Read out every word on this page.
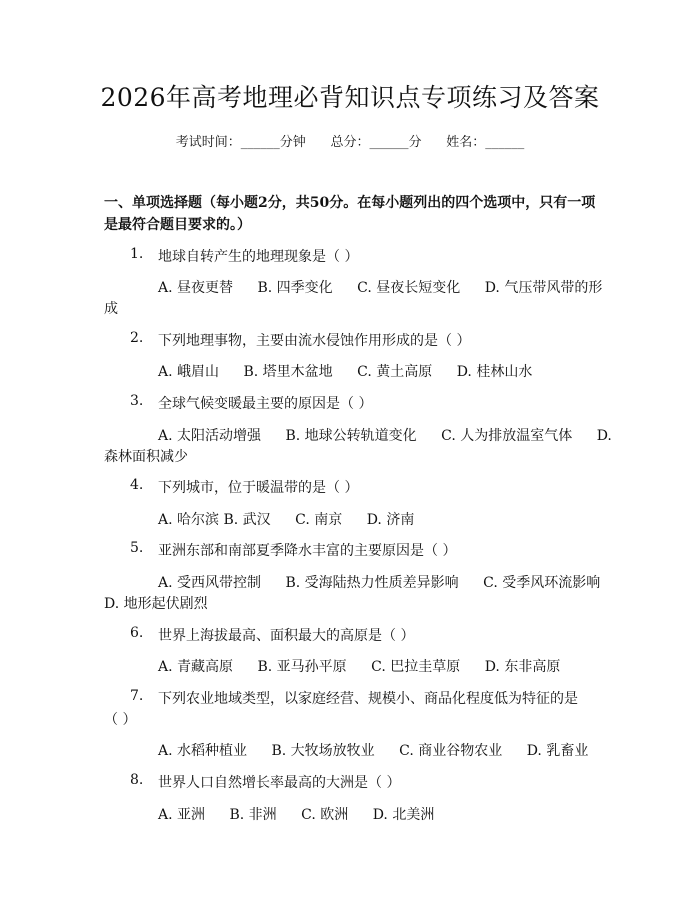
2026年高考地理必背知识点专项练习及答案
考试时间：______分钟      总分：______分      姓名：______
一、单项选择题（每小题2分，共50分。在每小题列出的四个选项中，只有一项是最符合题目要求的。）
1. 地球自转产生的地理现象是（ ）
A. 昼夜更替 B. 四季变化 C. 昼夜长短变化 D. 气压带风带的形
成
2. 下列地理事物，主要由流水侵蚀作用形成的是（ ）
A. 峨眉山 B. 塔里木盆地 C. 黄土高原 D. 桂林山水
3. 全球气候变暖最主要的原因是（ ）
A. 太阳活动增强 B. 地球公转轨道变化 C. 人为排放温室气体 D.
森林面积减少
4. 下列城市，位于暖温带的是（ ）
A. 哈尔滨 B. 武汉 C. 南京 D. 济南
5. 亚洲东部和南部夏季降水丰富的主要原因是（ ）
A. 受西风带控制 B. 受海陆热力性质差异影响 C. 受季风环流影响
D. 地形起伏剧烈
6. 世界上海拔最高、面积最大的高原是（ ）
A. 青藏高原 B. 亚马孙平原 C. 巴拉圭草原 D. 东非高原
7. 下列农业地域类型，以家庭经营、规模小、商品化程度低为特征的是
（ ）
A. 水稻种植业 B. 大牧场放牧业 C. 商业谷物农业 D. 乳畜业
8. 世界人口自然增长率最高的大洲是（ ）
A. 亚洲 B. 非洲 C. 欧洲 D. 北美洲
